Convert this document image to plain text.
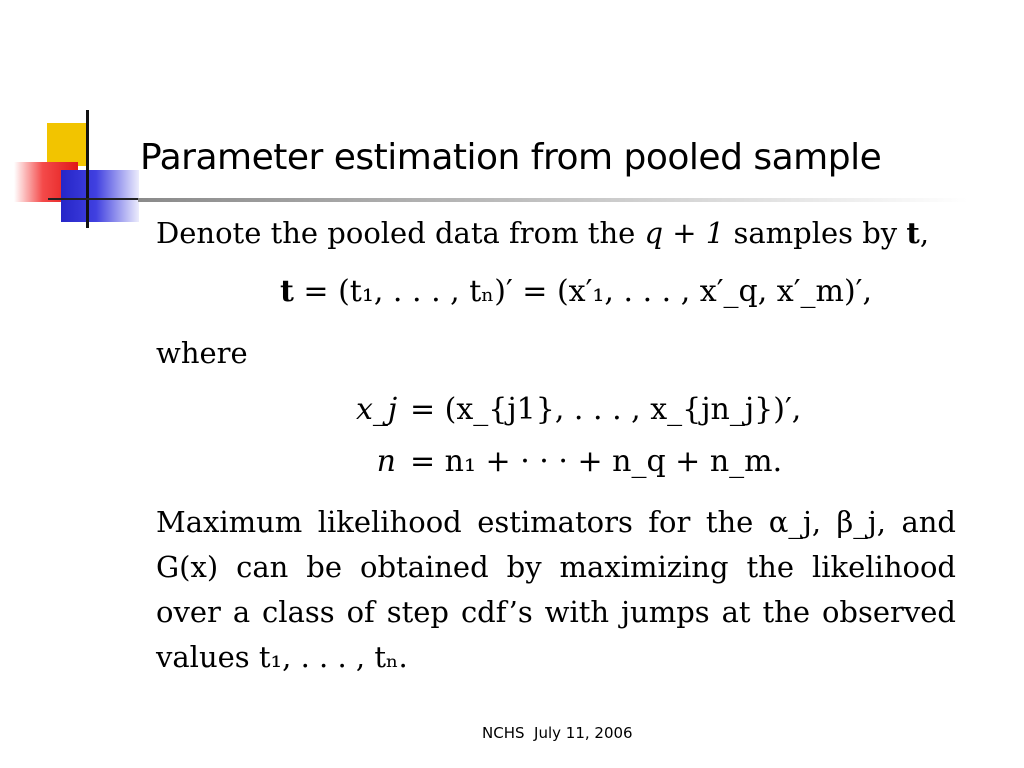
Parameter estimation from pooled sample
Denote the pooled data from the q + 1 samples by t,
t = (t₁, . . . , tₙ)′ = (x′₁, . . . , x′_q, x′_m)′,
where
x_j = (x_{j1}, . . . , x_{jn_j})′,
n = n₁ + · · · + n_q + n_m.
Maximum likelihood estimators for the α_j, β_j, and G(x) can be obtained by maximizing the likelihood over a class of step cdf’s with jumps at the observed values t₁, . . . , tₙ.
NCHS  July 11, 2006
